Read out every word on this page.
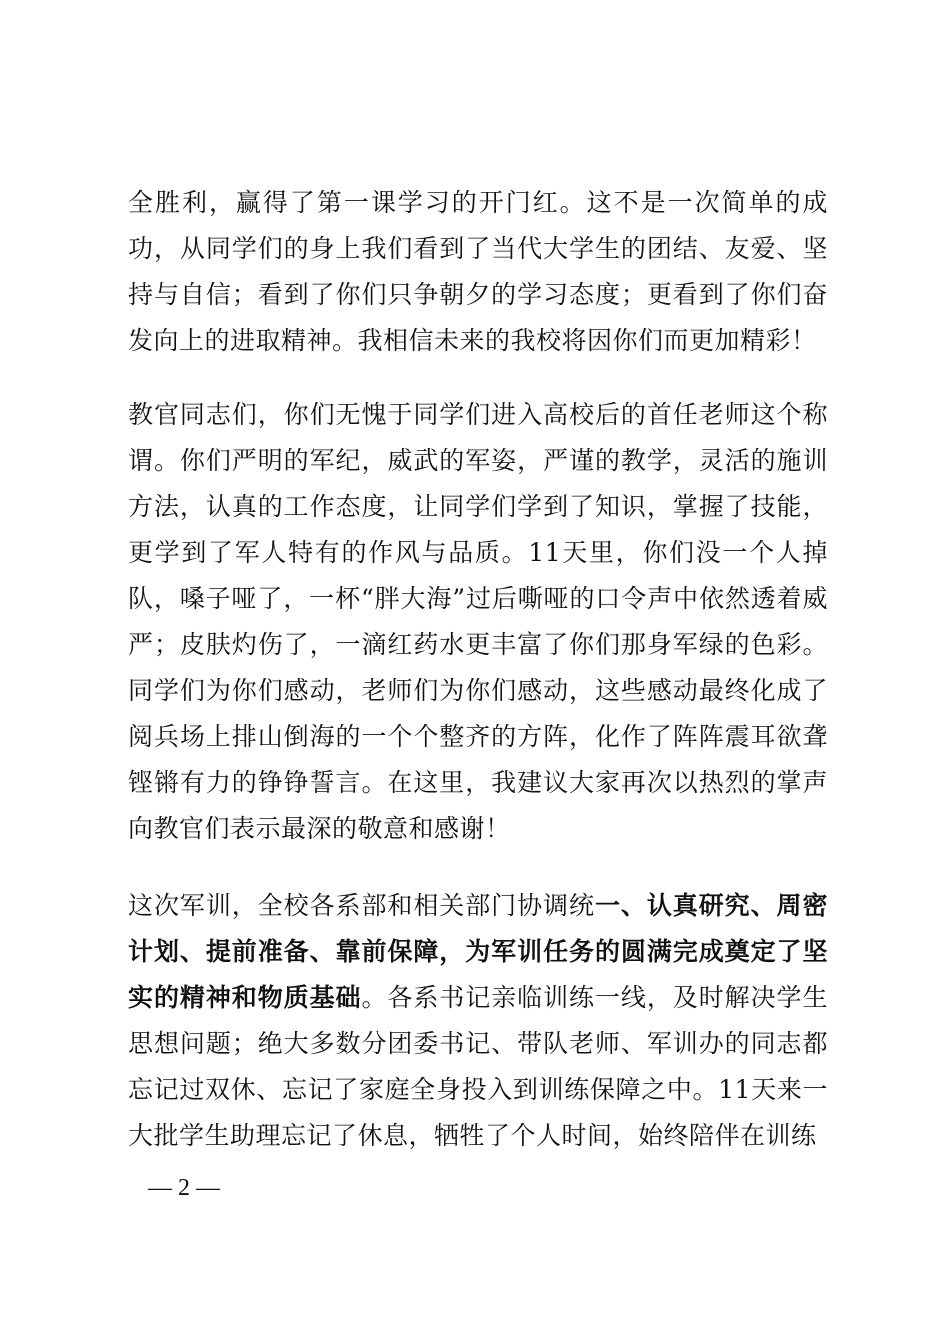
全胜利，赢得了第一课学习的开门红。这不是一次简单的成功，从同学们的身上我们看到了当代大学生的团结、友爱、坚持与自信；看到了你们只争朝夕的学习态度；更看到了你们奋发向上的进取精神。我相信未来的我校将因你们而更加精彩！

教官同志们，你们无愧于同学们进入高校后的首任老师这个称谓。你们严明的军纪，威武的军姿，严谨的教学，灵活的施训方法，认真的工作态度，让同学们学到了知识，掌握了技能，更学到了军人特有的作风与品质。11天里，你们没一个人掉队，嗓子哑了，一杯“胖大海”过后嘶哑的口令声中依然透着威严；皮肤灼伤了，一滴红药水更丰富了你们那身军绿的色彩。同学们为你们感动，老师们为你们感动，这些感动最终化成了阅兵场上排山倒海的一个个整齐的方阵，化作了阵阵震耳欲聋铿锵有力的铮铮誓言。在这里，我建议大家再次以热烈的掌声向教官们表示最深的敬意和感谢！

这次军训，全校各系部和相关部门协调统一、认真研究、周密计划、提前准备、靠前保障，为军训任务的圆满完成奠定了坚实的精神和物质基础。各系书记亲临训练一线，及时解决学生思想问题；绝大多数分团委书记、带队老师、军训办的同志都忘记过双休、忘记了家庭全身投入到训练保障之中。11天来一大批学生助理忘记了休息，牺牲了个人时间，始终陪伴在训练

— 2 —
